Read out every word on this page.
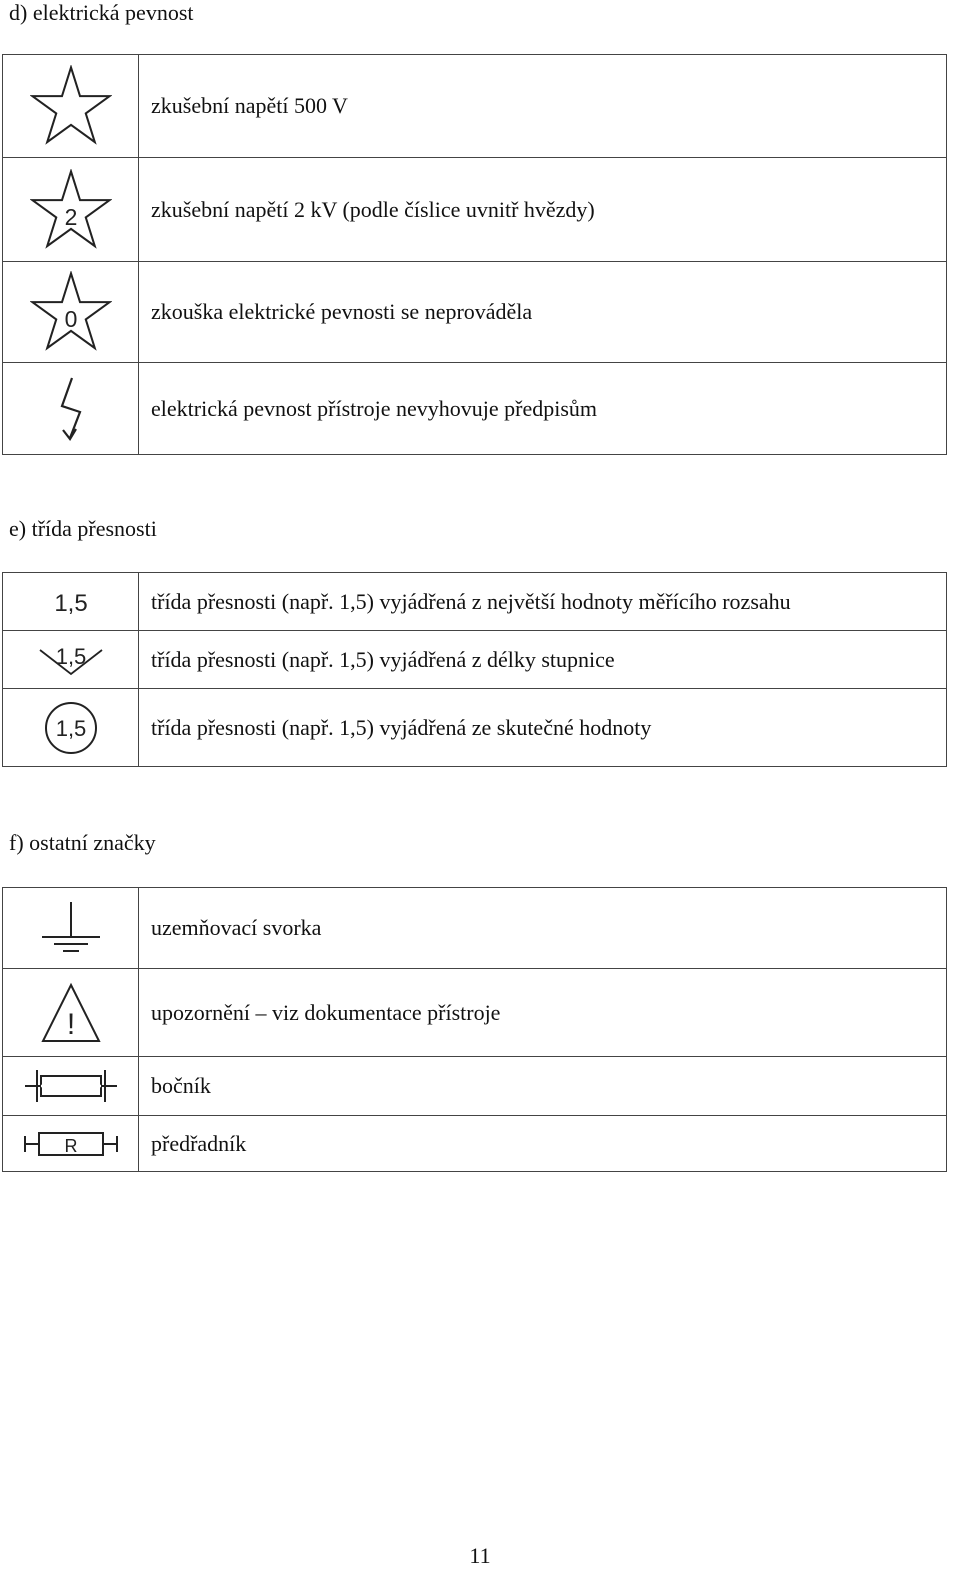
d) elektrická pevnost
	zkušební napětí 500 V

2	zkušební napětí 2 kV (podle číslice uvnitř hvězdy)

0	zkouška elektrické pevnosti se neprováděla

	elektrická pevnost přístroje nevyhovuje předpisům
e) třída přesnosti
1,5	třída přesnosti (např. 1,5) vyjádřená z největší hodnoty měřícího rozsahu

1,5	třída přesnosti (např. 1,5) vyjádřená z délky stupnice

1,5	třída přesnosti (např. 1,5) vyjádřená ze skutečné hodnoty
f) ostatní značky
	uzemňovací svorka

!	upozornění – viz dokumentace přístroje

	bočník

R	předřadník
11
